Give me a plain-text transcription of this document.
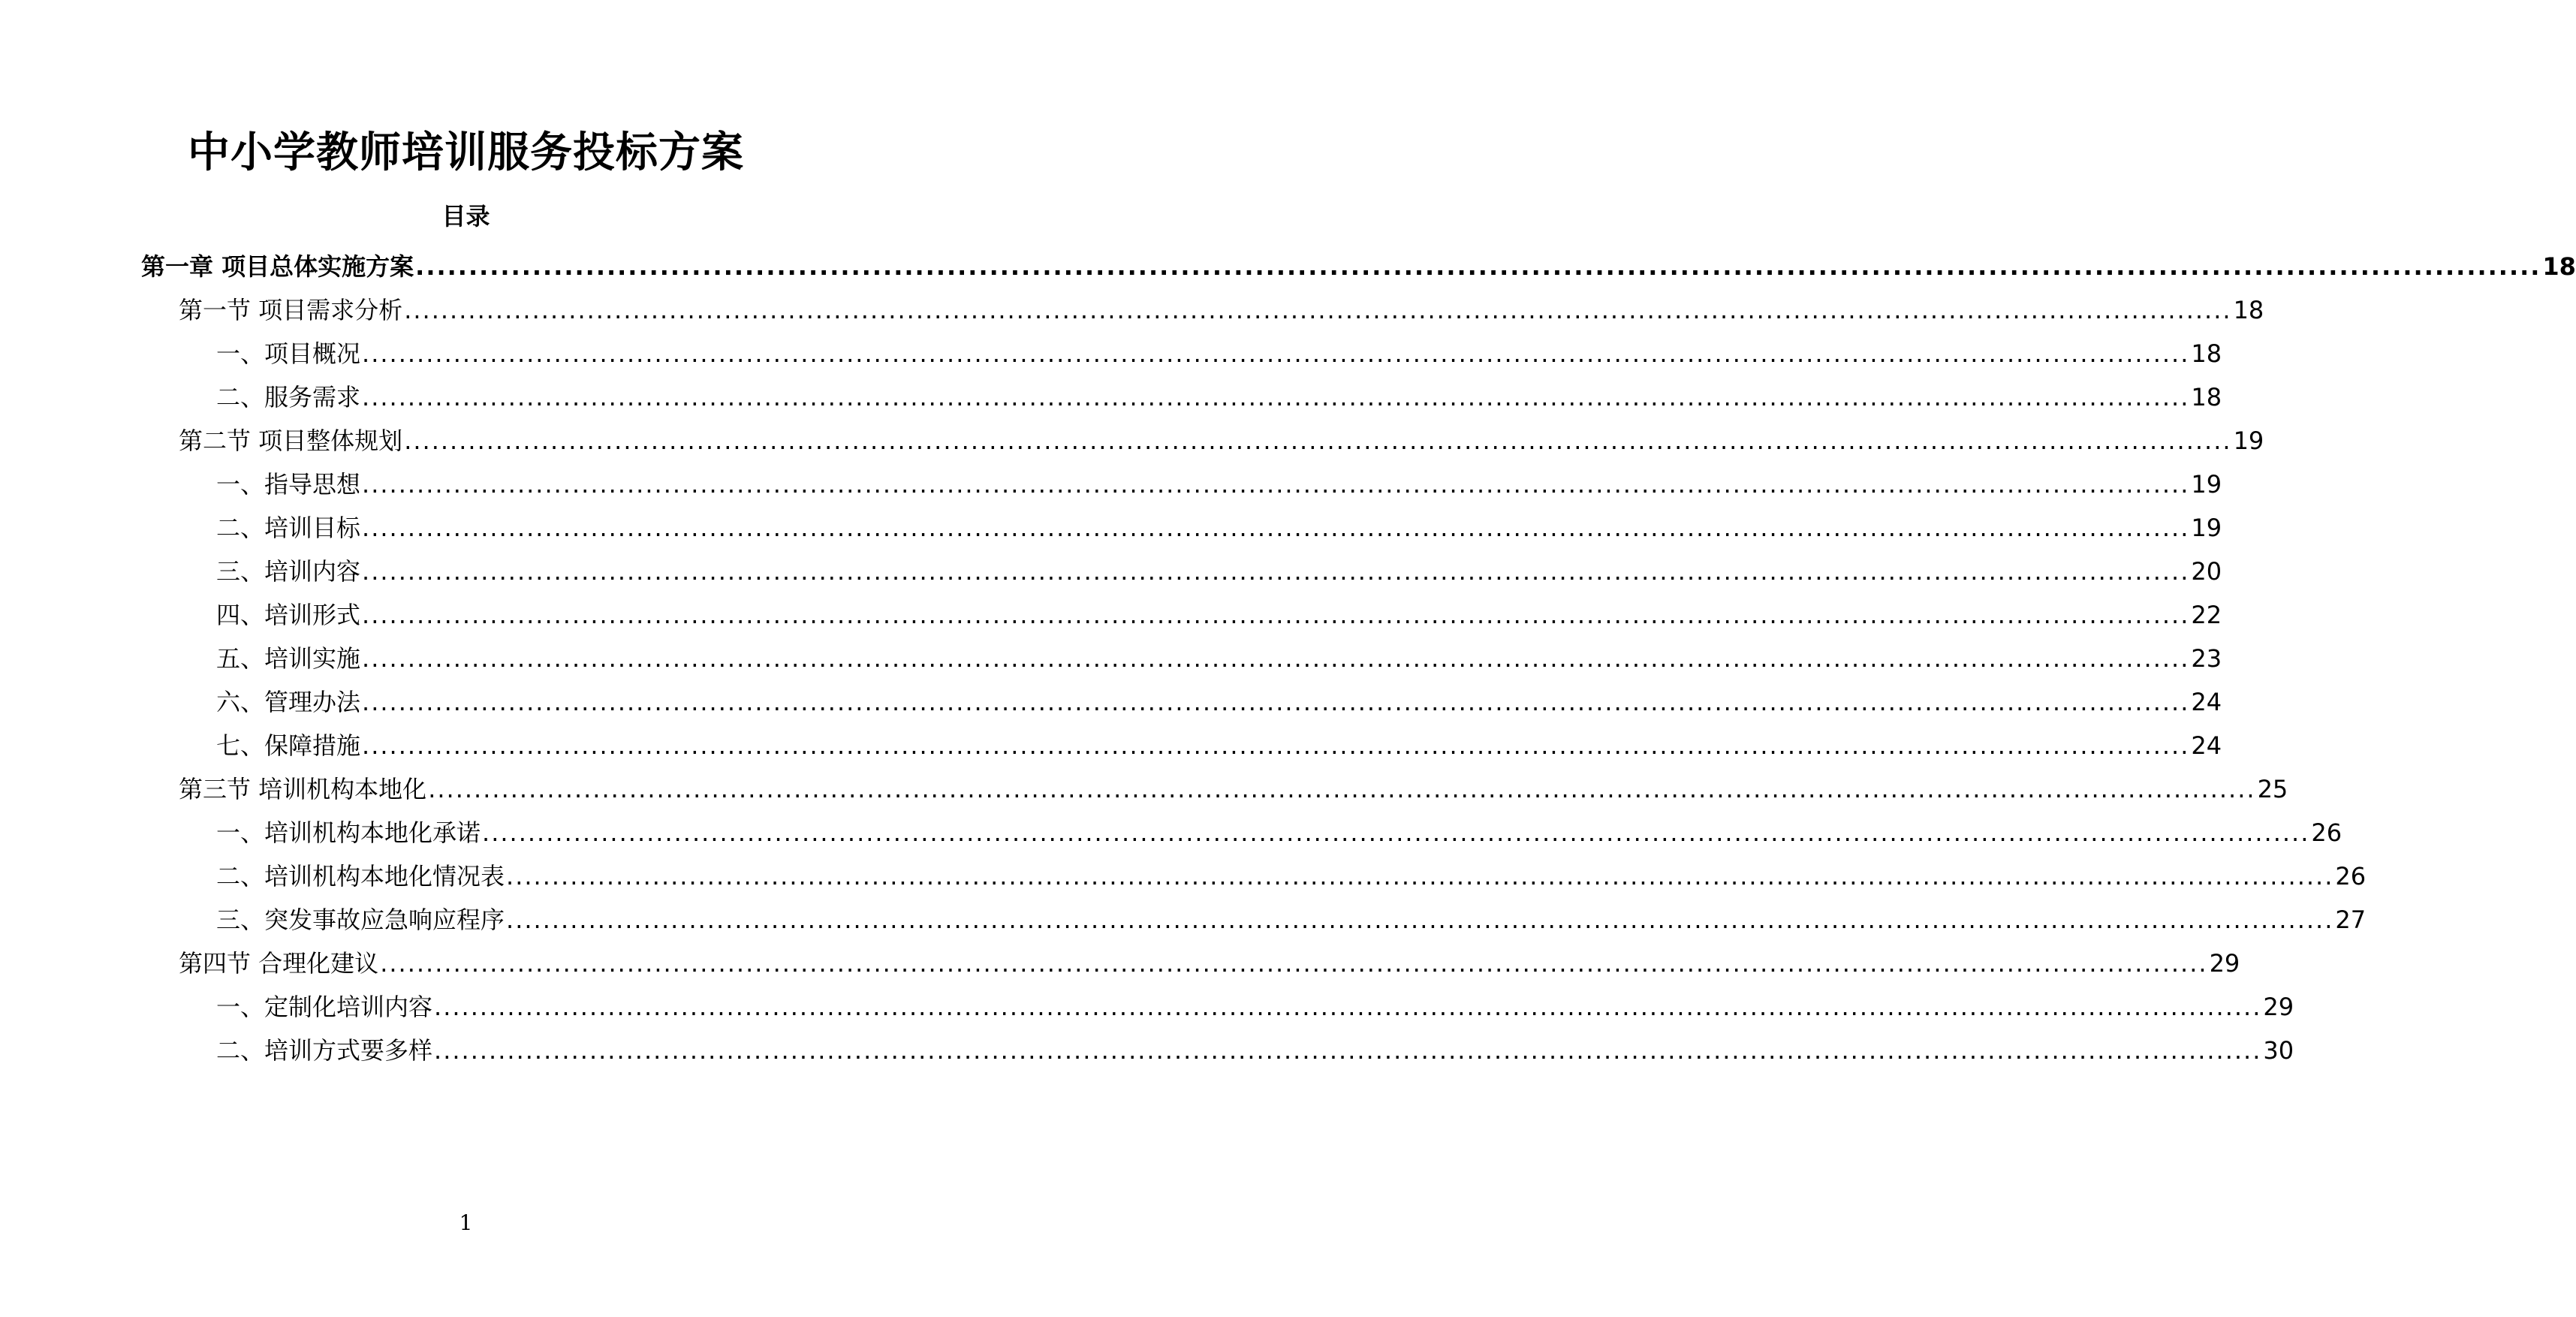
中小学教师培训服务投标方案
目录
第一章 项目总体实施方案 ........................................................................................................................................................................................................ 18
第一节 项目需求分析 ........................................................................................................................................................................................................ 18
一、项目概况 ........................................................................................................................................................................................................ 18
二、服务需求 ........................................................................................................................................................................................................ 18
第二节 项目整体规划 ........................................................................................................................................................................................................ 19
一、指导思想 ........................................................................................................................................................................................................ 19
二、培训目标 ........................................................................................................................................................................................................ 19
三、培训内容 ........................................................................................................................................................................................................ 20
四、培训形式 ........................................................................................................................................................................................................ 22
五、培训实施 ........................................................................................................................................................................................................ 23
六、管理办法 ........................................................................................................................................................................................................ 24
七、保障措施 ........................................................................................................................................................................................................ 24
第三节 培训机构本地化 ........................................................................................................................................................................................................ 25
一、培训机构本地化承诺 ........................................................................................................................................................................................................ 26
二、培训机构本地化情况表 ........................................................................................................................................................................................................ 26
三、突发事故应急响应程序 ........................................................................................................................................................................................................ 27
第四节 合理化建议 ........................................................................................................................................................................................................ 29
一、定制化培训内容 ........................................................................................................................................................................................................ 29
二、培训方式要多样 ........................................................................................................................................................................................................ 30
1
